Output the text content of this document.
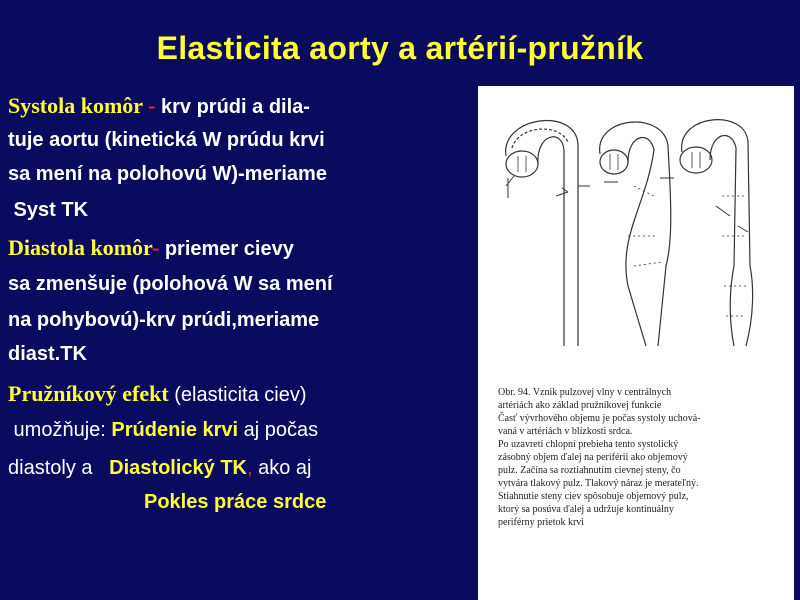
Elasticita aorty a artérií-pružník
Systola komôr - krv prúdi a dila-
tuje aortu (kinetická W prúdu krvi
sa mení na polohovú W)-meriame
Syst TK
Diastola komôr- priemer cievy
sa zmenšuje (polohová W sa mení
na pohybovú)-krv prúdi,meriame
diast.TK
Pružníkový efekt (elasticita ciev)
umožňuje: Prúdenie krvi aj počas
diastoly a   Diastolický TK, ako aj
Pokles práce srdce
Obr. 94. Vznik pulzovej vlny v centrálnych
artériách ako základ pružníkovej funkcie
Časť výv​rhového objemu je počas systoly uchová-
vaná v artériách v blízkosti srdca.
Po uzavretí chlopní prebieha tento systolický
zásobný objem ďalej na periférii ako objemový
pulz. Začína sa roztiahnutím cievnej steny, čo
vytvára tlakový pulz. Tlakový náraz je merateľný.
Stiahnutie steny ciev spôsobuje objemový pulz,
ktorý sa posúva ďalej a udržuje kontinuálny
periférny prietok krvi
